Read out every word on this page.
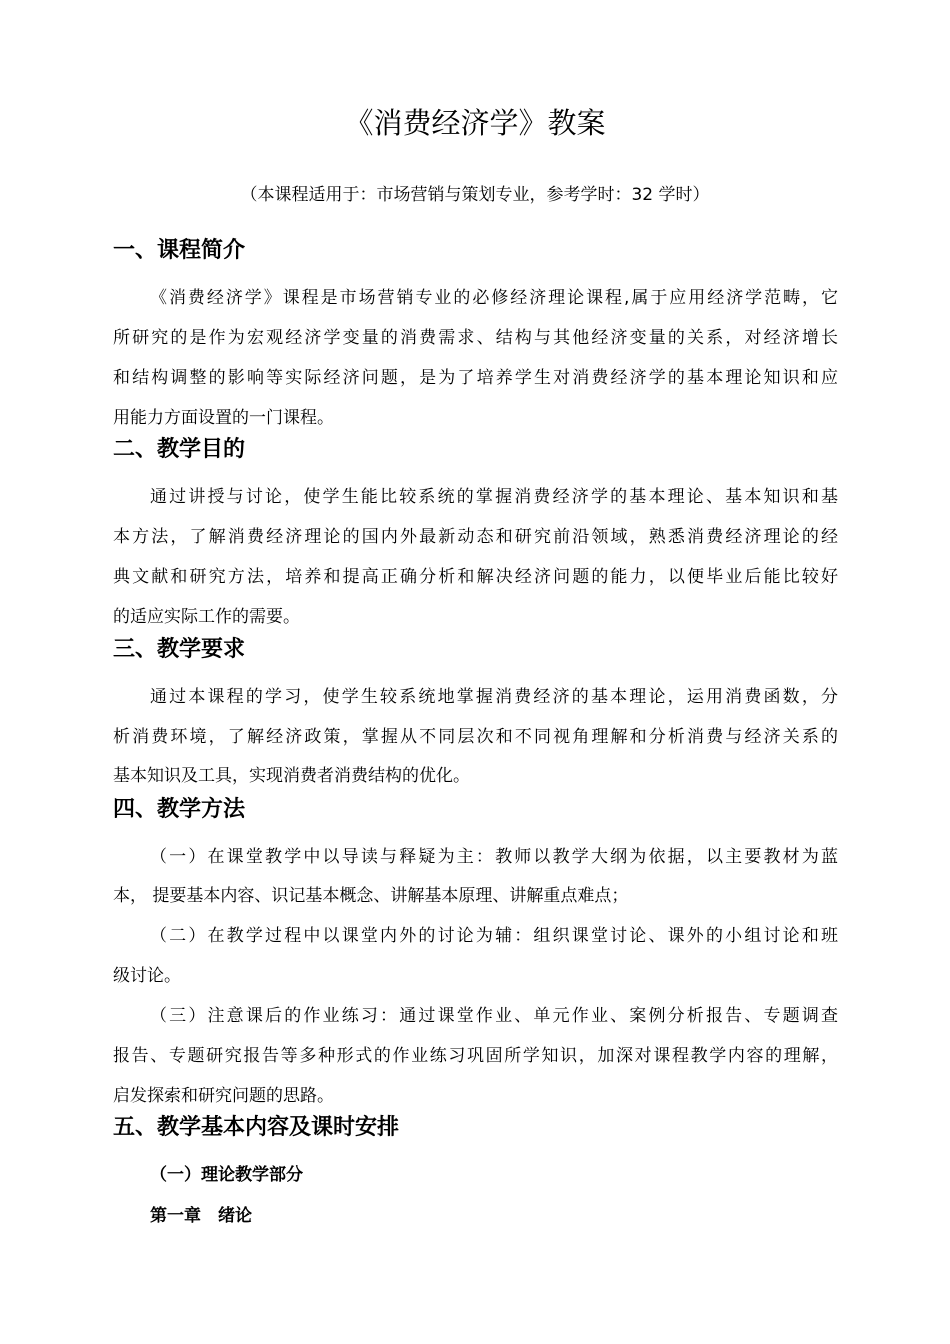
《消费经济学》教案
（本课程适用于：市场营销与策划专业，参考学时：32 学时）
一、课程简介
《消费经济学》课程是市场营销专业的必修经济理论课程,属于应用经济学范畴，它
所研究的是作为宏观经济学变量的消费需求、结构与其他经济变量的关系，对经济增长
和结构调整的影响等实际经济问题，是为了培养学生对消费经济学的基本理论知识和应
用能力方面设置的一门课程。
二、教学目的
通过讲授与讨论，使学生能比较系统的掌握消费经济学的基本理论、基本知识和基
本方法，了解消费经济理论的国内外最新动态和研究前沿领域，熟悉消费经济理论的经
典文献和研究方法，培养和提高正确分析和解决经济问题的能力，以便毕业后能比较好
的适应实际工作的需要。
三、教学要求
通过本课程的学习，使学生较系统地掌握消费经济的基本理论，运用消费函数，分
析消费环境，了解经济政策，掌握从不同层次和不同视角理解和分析消费与经济关系的
基本知识及工具，实现消费者消费结构的优化。
四、教学方法
（一）在课堂教学中以导读与释疑为主：教师以教学大纲为依据，以主要教材为蓝
本， 提要基本内容、识记基本概念、讲解基本原理、讲解重点难点；
（二）在教学过程中以课堂内外的讨论为辅：组织课堂讨论、课外的小组讨论和班
级讨论。
（三）注意课后的作业练习：通过课堂作业、单元作业、案例分析报告、专题调查
报告、专题研究报告等多种形式的作业练习巩固所学知识，加深对课程教学内容的理解，
启发探索和研究问题的思路。
五、教学基本内容及课时安排
（一）理论教学部分
第一章　绪论
